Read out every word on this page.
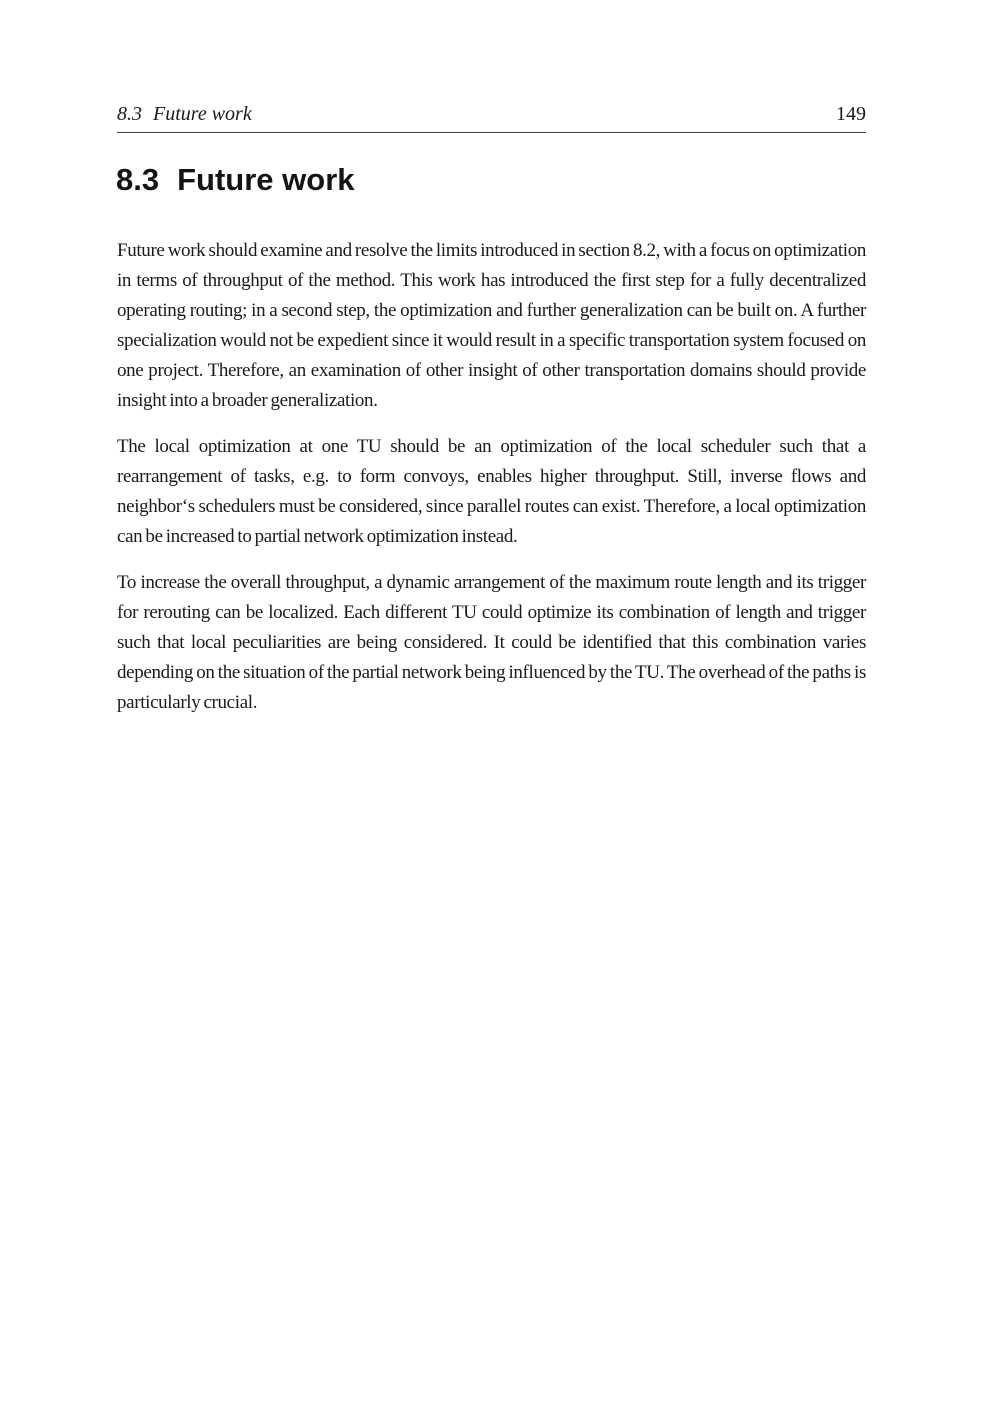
8.3 Future work	149
8.3 Future work

Future work should examine and resolve the limits introduced in section 8.2, with a focus on optimization in terms of throughput of the method. This work has introduced the first step for a fully decentralized operating routing; in a second step, the optimization and further generalization can be built on. A further specialization would not be expedient since it would result in a specific transportation system focused on one project. Therefore, an examination of other insight of other transportation domains should provide insight into a broader generalization.

The local optimization at one TU should be an optimization of the local scheduler such that a rearrangement of tasks, e.g. to form convoys, enables higher throughput. Still, inverse flows and neighbor‘s schedulers must be considered, since parallel routes can exist. Therefore, a local optimization can be increased to partial network optimization instead.

To increase the overall throughput, a dynamic arrangement of the maximum route length and its trigger for rerouting can be localized. Each different TU could optimize its combination of length and trigger such that local peculiarities are being considered. It could be identified that this combination varies depending on the situation of the partial network being influenced by the TU. The overhead of the paths is particularly crucial.
